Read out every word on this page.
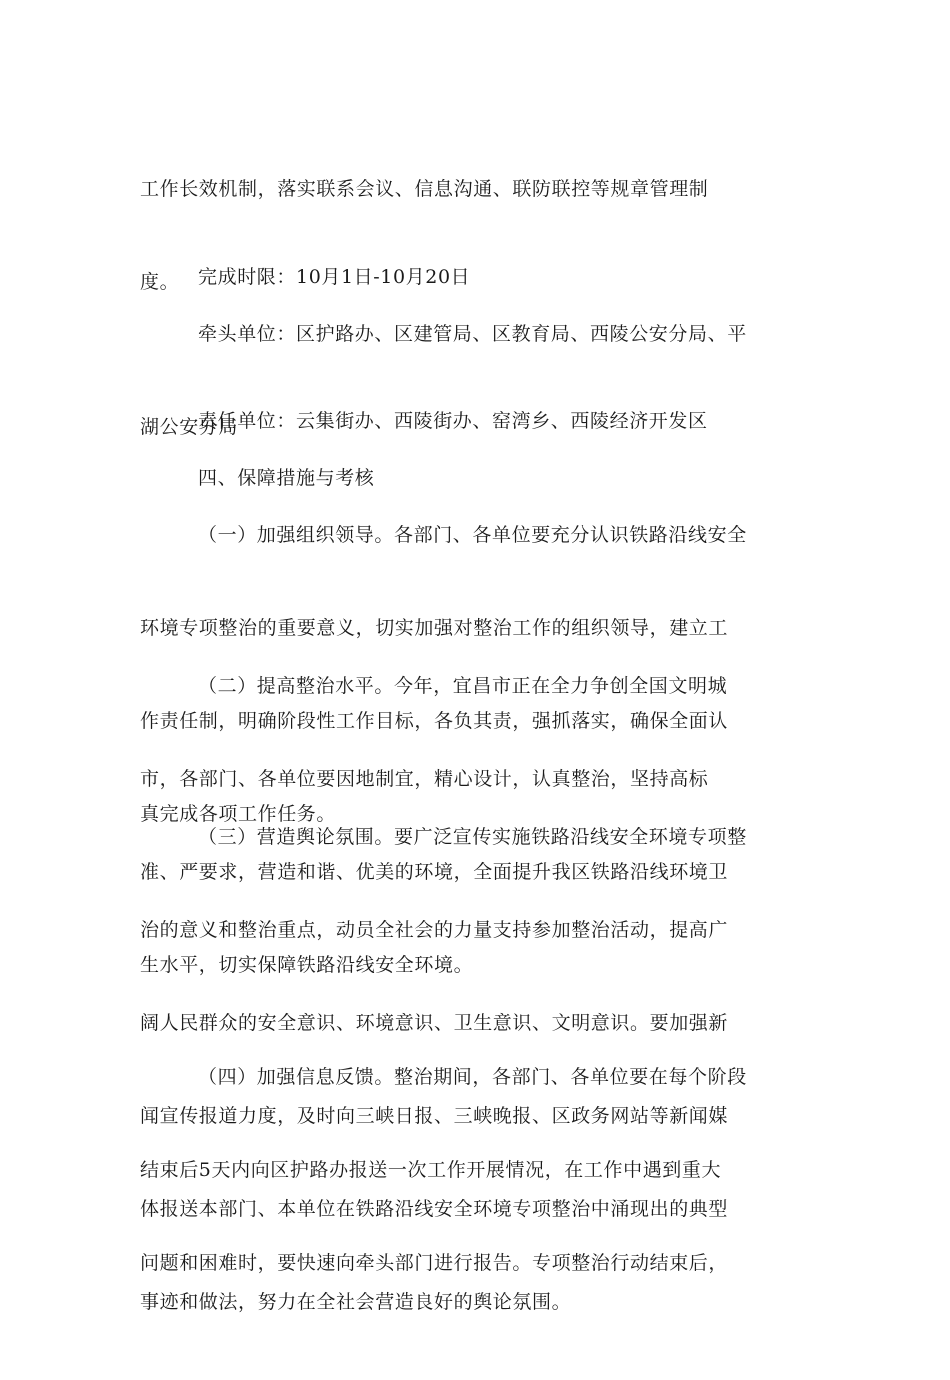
工作长效机制，落实联系会议、信息沟通、联防联控等规章管理制

度。

完成时限：10月1日-10月20日

牵头单位：区护路办、区建管局、区教育局、西陵公安分局、平

湖公安分局

责任单位：云集街办、西陵街办、窑湾乡、西陵经济开发区

四、保障措施与考核

（一）加强组织领导。各部门、各单位要充分认识铁路沿线安全

环境专项整治的重要意义，切实加强对整治工作的组织领导，建立工

作责任制，明确阶段性工作目标，各负其责，强抓落实，确保全面认

真完成各项工作任务。

（二）提高整治水平。今年，宜昌市正在全力争创全国文明城

市，各部门、各单位要因地制宜，精心设计，认真整治，坚持高标

准、严要求，营造和谐、优美的环境，全面提升我区铁路沿线环境卫

生水平，切实保障铁路沿线安全环境。

（三）营造舆论氛围。要广泛宣传实施铁路沿线安全环境专项整

治的意义和整治重点，动员全社会的力量支持参加整治活动，提高广

阔人民群众的安全意识、环境意识、卫生意识、文明意识。要加强新

闻宣传报道力度，及时向三峡日报、三峡晚报、区政务网站等新闻媒

体报送本部门、本单位在铁路沿线安全环境专项整治中涌现出的典型

事迹和做法，努力在全社会营造良好的舆论氛围。

（四）加强信息反馈。整治期间，各部门、各单位要在每个阶段

结束后5天内向区护路办报送一次工作开展情况，在工作中遇到重大

问题和困难时，要快速向牵头部门进行报告。专项整治行动结束后，
